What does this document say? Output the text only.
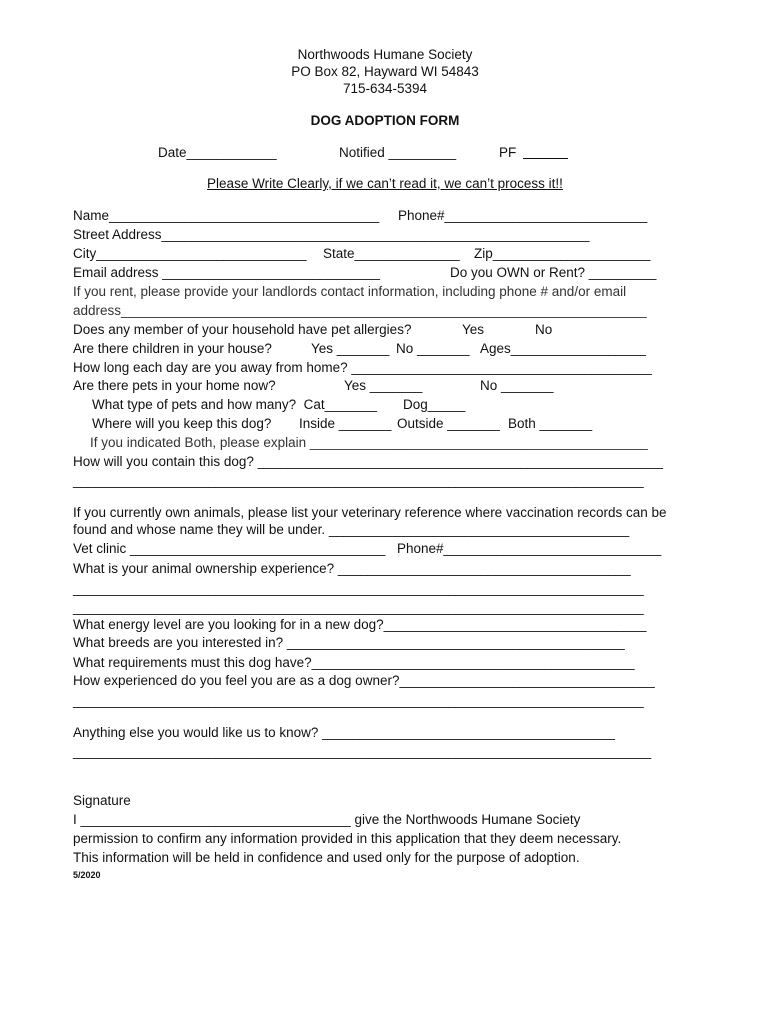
Northwoods Humane Society
PO Box 82, Hayward WI 54843
715-634-5394
DOG ADOPTION FORM
Date____________	Notified _________	PF

Please Write Clearly, if we can’t read it, we can’t process it!!
Name____________________________________ Phone#___________________________
Street Address_________________________________________________________
City____________________________ State______________ Zip_____________________
Email address _____________________________	Do you OWN or Rent? _________
If you rent, please provide your landlords contact information, including phone # and/or email
address______________________________________________________________________
Does any member of your household have pet allergies?	Yes	No
Are there children in your house?	Yes _______ No _______ Ages__________________
How long each day are you away from home? ________________________________________
Are there pets in your home now?	Yes _______	No _______
What type of pets and how many?  Cat_______ Dog_____
Where will you keep this dog? Inside _______ Outside _______ Both _______
If you indicated Both, please explain _____________________________________________
How will you contain this dog? ______________________________________________________
____________________________________________________________________________
If you currently own animals, please list your veterinary reference where vaccination records can be
found and whose name they will be under. ________________________________________
Vet clinic __________________________________ Phone#_____________________________
What is your animal ownership experience? _______________________________________
____________________________________________________________________________
____________________________________________________________________________
What energy level are you looking for in a new dog?___________________________________
What breeds are you interested in? _____________________________________________
What requirements must this dog have?___________________________________________
How experienced do you feel you are as a dog owner?__________________________________
____________________________________________________________________________
Anything else you would like us to know? _______________________________________
_____________________________________________________________________________
Signature
I ____________________________________ give the Northwoods Humane Society
permission to confirm any information provided in this application that they deem necessary.
This information will be held in confidence and used only for the purpose of adoption.
5/2020
